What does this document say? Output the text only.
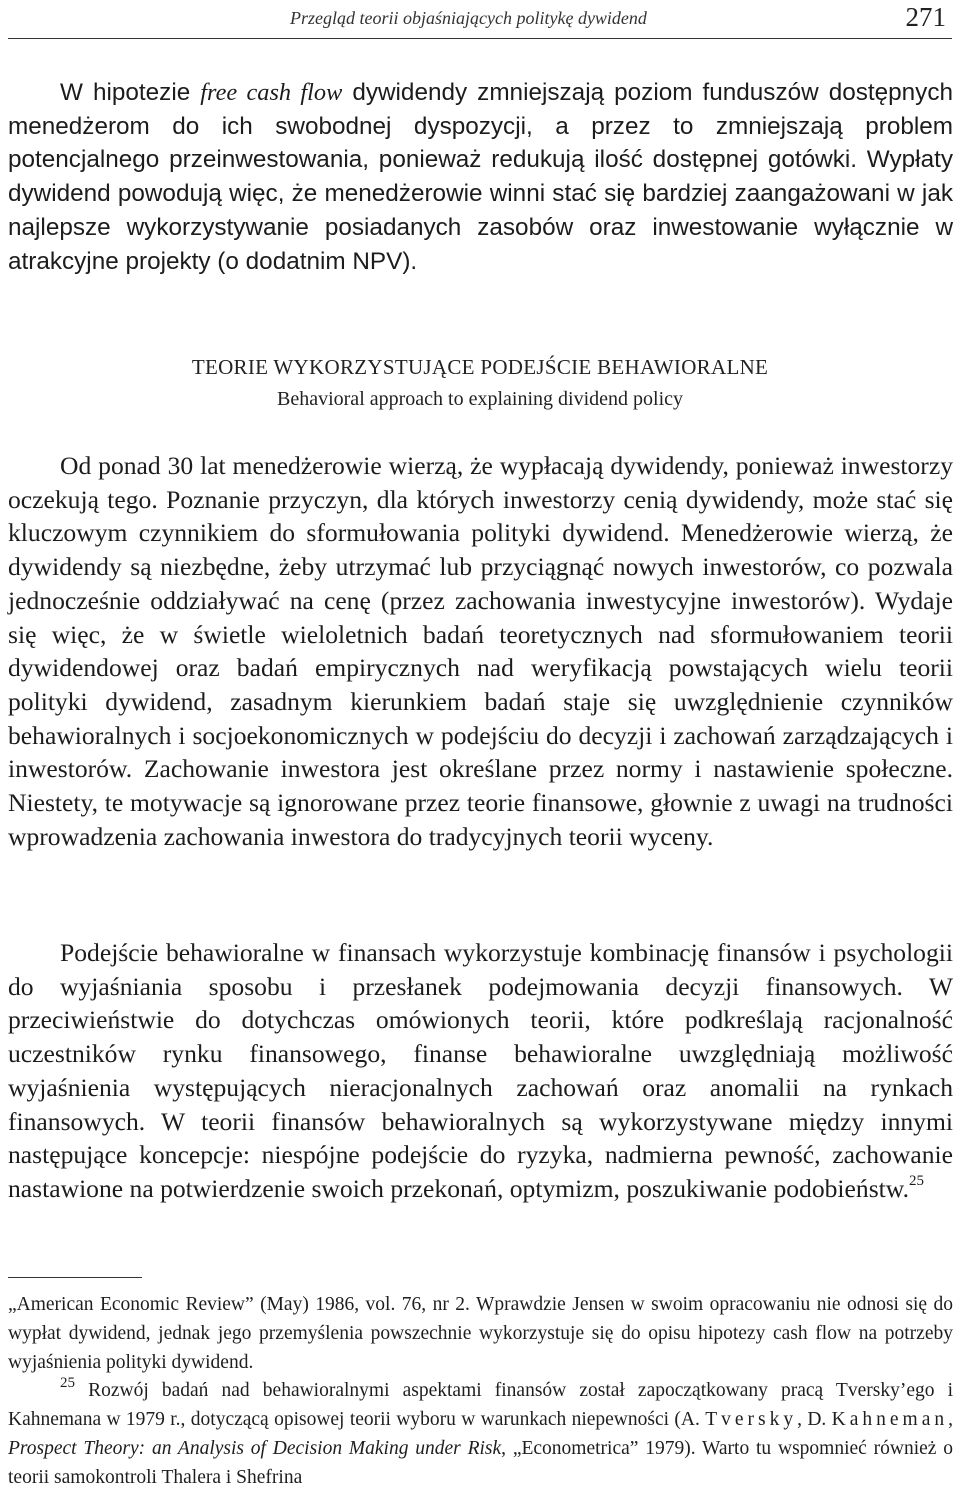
Przegląd teorii objaśniających politykę dywidend	271

W hipotezie free cash flow dywidendy zmniejszają poziom funduszów dostępnych menedżerom do ich swobodnej dyspozycji, a przez to zmniejszają problem potencjalnego przeinwestowania, ponieważ redukują ilość dostępnej gotówki. Wypłaty dywidend powodują więc, że menedżerowie winni stać się bardziej zaangażowani w jak najlepsze wykorzystywanie posiadanych zasobów oraz inwestowanie wyłącznie w atrakcyjne projekty (o dodatnim NPV).

TEORIE WYKORZYSTUJĄCE PODEJŚCIE BEHAWIORALNE
Behavioral approach to explaining dividend policy

Od ponad 30 lat menedżerowie wierzą, że wypłacają dywidendy, ponieważ inwestorzy oczekują tego. Poznanie przyczyn, dla których inwestorzy cenią dywidendy, może stać się kluczowym czynnikiem do sformułowania polityki dywidend. Menedżerowie wierzą, że dywidendy są niezbędne, żeby utrzymać lub przyciągnąć nowych inwestorów, co pozwala jednocześnie oddziaływać na cenę (przez zachowania inwestycyjne inwestorów). Wydaje się więc, że w świetle wieloletnich badań teoretycznych nad sformułowaniem teorii dywidendowej oraz badań empirycznych nad weryfikacją powstających wielu teorii polityki dywidend, zasadnym kierunkiem badań staje się uwzględnienie czynników behawioralnych i socjoekonomicznych w podejściu do decyzji i zachowań zarządzających i inwestorów. Zachowanie inwestora jest określane przez normy i nastawienie społeczne. Niestety, te motywacje są ignorowane przez teorie finansowe, głownie z uwagi na trudności wprowadzenia zachowania inwestora do tradycyjnych teorii wyceny.

Podejście behawioralne w finansach wykorzystuje kombinację finansów i psychologii do wyjaśniania sposobu i przesłanek podejmowania decyzji finansowych. W przeciwieństwie do dotychczas omówionych teorii, które podkreślają racjonalność uczestników rynku finansowego, finanse behawioralne uwzględniają możliwość wyjaśnienia występujących nieracjonalnych zachowań oraz anomalii na rynkach finansowych. W teorii finansów behawioralnych są wykorzystywane między innymi następujące koncepcje: niespójne podejście do ryzyka, nadmierna pewność, zachowanie nastawione na potwierdzenie swoich przekonań, optymizm, poszukiwanie podobieństw.$^{25}$

„American Economic Review” (May) 1986, vol. 76, nr 2. Wprawdzie Jensen w swoim opracowaniu nie odnosi się do wypłat dywidend, jednak jego przemyślenia powszechnie wykorzystuje się do opisu hipotezy cash flow na potrzeby wyjaśnienia polityki dywidend.

$^{25}$ Rozwój badań nad behawioralnymi aspektami finansów został zapoczątkowany pracą Tversky’ego i Kahnemana w 1979 r., dotyczącą opisowej teorii wyboru w warunkach niepewności (A. Tversky, D. Kahneman, Prospect Theory: an Analysis of Decision Making under Risk, „Econometrica” 1979). Warto tu wspomnieć również o teorii samokontroli Thalera i Shefrina
